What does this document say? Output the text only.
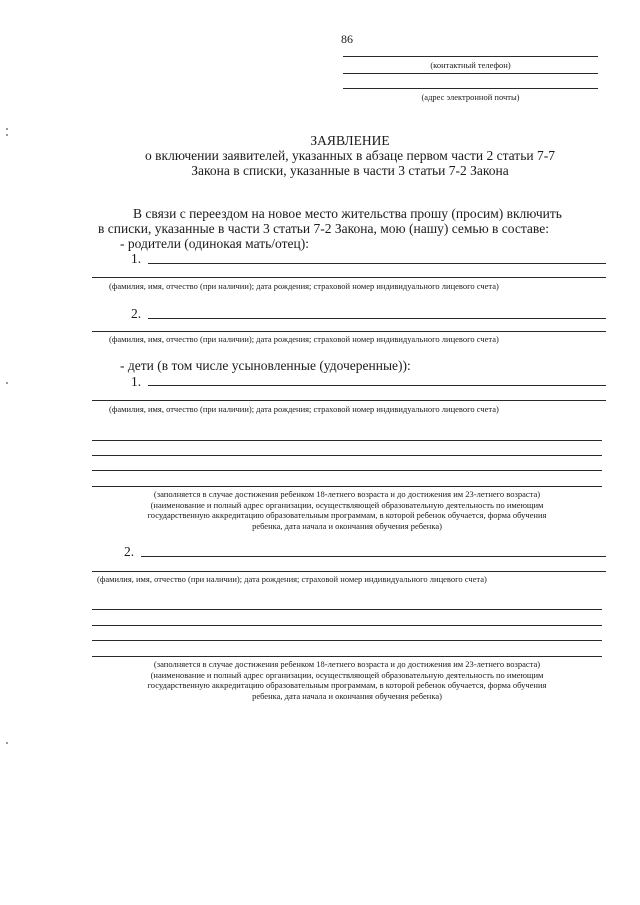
86
(контактный телефон)
(адрес электронной почты)
ЗАЯВЛЕНИЕ
о включении заявителей, указанных в абзаце первом части 2 статьи 7-7
Закона в списки, указанные в части 3 статьи 7-2 Закона
В связи с переездом на новое место жительства прошу (просим) включить
в списки, указанные в части 3 статьи 7-2 Закона, мою (нашу) семью в составе:
- родители (одинокая мать/отец):
1.
(фамилия, имя, отчество (при наличии); дата рождения; страховой номер индивидуального лицевого счета)
2.
(фамилия, имя, отчество (при наличии); дата рождения; страховой номер индивидуального лицевого счета)
- дети (в том числе усыновленные (удочеренные)):
1.
(фамилия, имя, отчество (при наличии); дата рождения; страховой номер индивидуального лицевого счета)
(заполняется в случае достижения ребенком 18-летнего возраста и до достижения им 23-летнего возраста)
(наименование и полный адрес организации, осуществляющей образовательную деятельность по имеющим
государственную аккредитацию образовательным программам, в которой ребенок обучается, форма обучения
ребенка, дата начала и окончания обучения ребенка)
2.
(фамилия, имя, отчество (при наличии); дата рождения; страховой номер индивидуального лицевого счета)
(заполняется в случае достижения ребенком 18-летнего возраста и до достижения им 23-летнего возраста)
(наименование и полный адрес организации, осуществляющей образовательную деятельность по имеющим
государственную аккредитацию образовательным программам, в которой ребенок обучается, форма обучения
ребенка, дата начала и окончания обучения ребенка)
